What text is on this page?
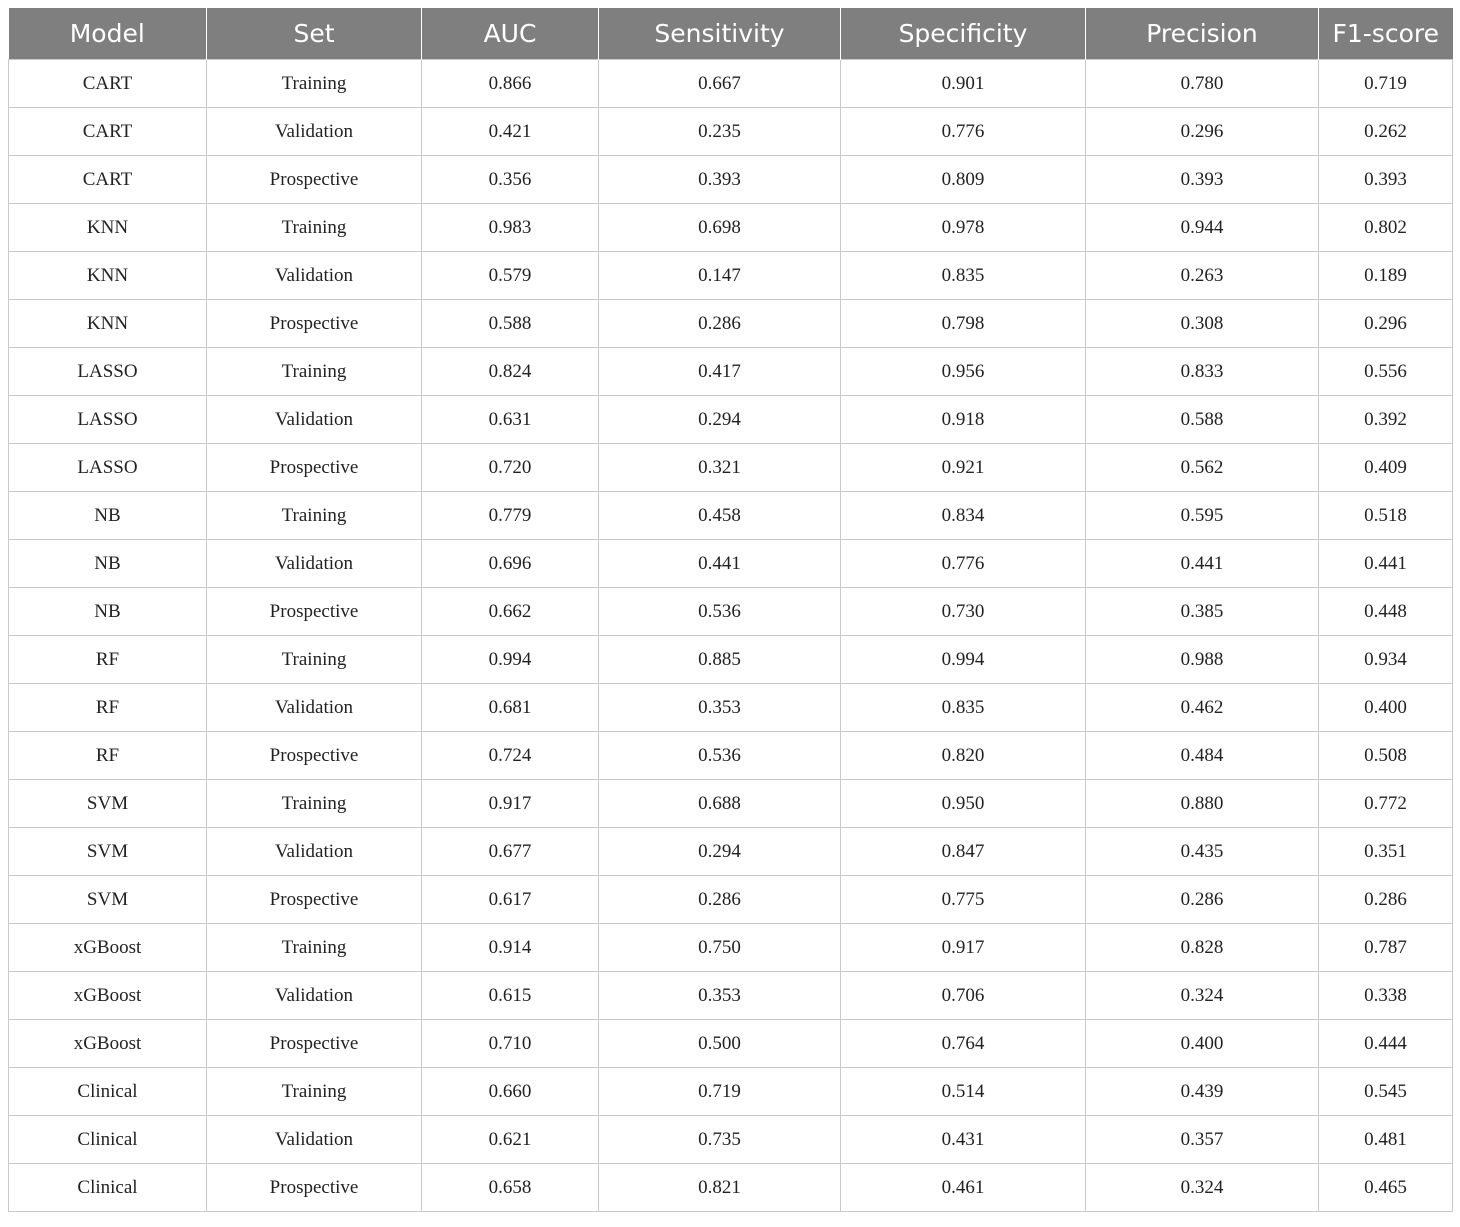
Model	Set	AUC	Sensitivity	Specificity	Precision	F1-score
CART	Training	0.866	0.667	0.901	0.780	0.719
CART	Validation	0.421	0.235	0.776	0.296	0.262
CART	Prospective	0.356	0.393	0.809	0.393	0.393
KNN	Training	0.983	0.698	0.978	0.944	0.802
KNN	Validation	0.579	0.147	0.835	0.263	0.189
KNN	Prospective	0.588	0.286	0.798	0.308	0.296
LASSO	Training	0.824	0.417	0.956	0.833	0.556
LASSO	Validation	0.631	0.294	0.918	0.588	0.392
LASSO	Prospective	0.720	0.321	0.921	0.562	0.409
NB	Training	0.779	0.458	0.834	0.595	0.518
NB	Validation	0.696	0.441	0.776	0.441	0.441
NB	Prospective	0.662	0.536	0.730	0.385	0.448
RF	Training	0.994	0.885	0.994	0.988	0.934
RF	Validation	0.681	0.353	0.835	0.462	0.400
RF	Prospective	0.724	0.536	0.820	0.484	0.508
SVM	Training	0.917	0.688	0.950	0.880	0.772
SVM	Validation	0.677	0.294	0.847	0.435	0.351
SVM	Prospective	0.617	0.286	0.775	0.286	0.286
xGBoost	Training	0.914	0.750	0.917	0.828	0.787
xGBoost	Validation	0.615	0.353	0.706	0.324	0.338
xGBoost	Prospective	0.710	0.500	0.764	0.400	0.444
Clinical	Training	0.660	0.719	0.514	0.439	0.545
Clinical	Validation	0.621	0.735	0.431	0.357	0.481
Clinical	Prospective	0.658	0.821	0.461	0.324	0.465
